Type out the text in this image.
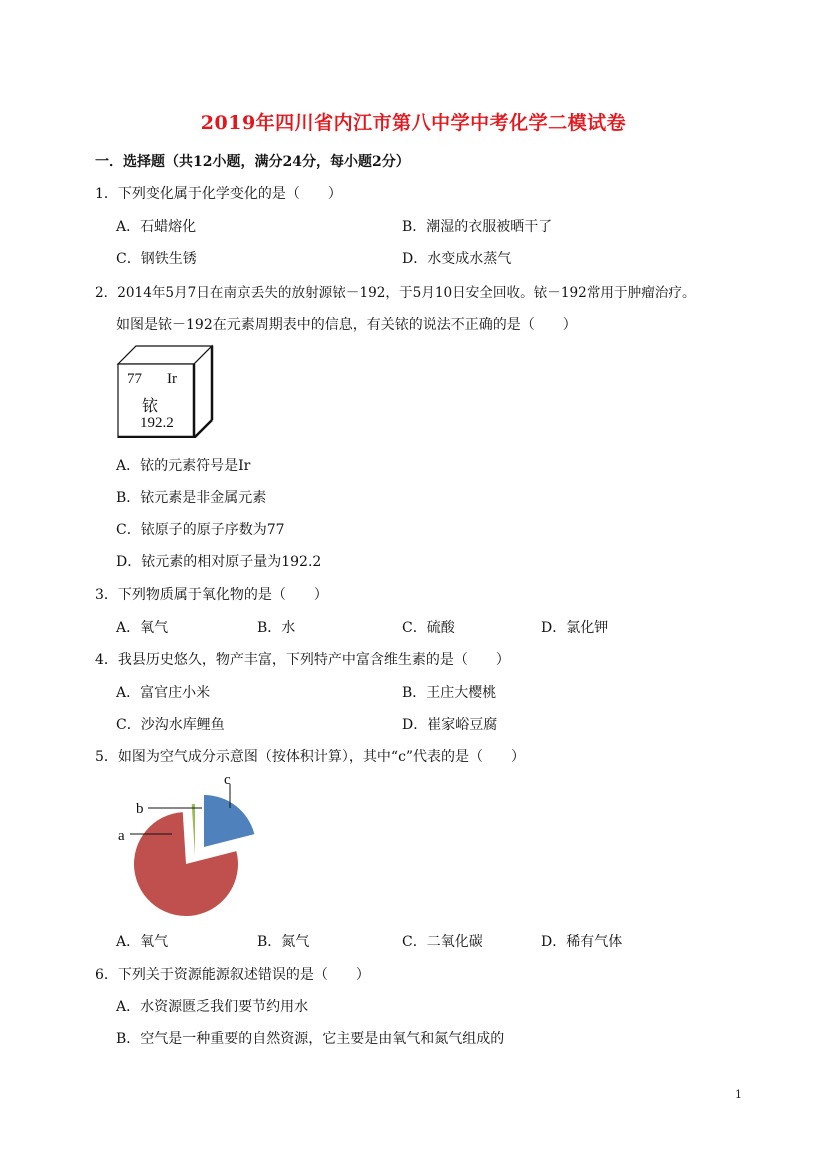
2019年四川省内江市第八中学中考化学二模试卷
一．选择题（共12小题，满分24分，每小题2分）
1．下列变化属于化学变化的是（　　）
A．石蜡熔化	B．潮湿的衣服被晒干了
C．钢铁生锈	D．水变成水蒸气
2．2014年5月7日在南京丢失的放射源铱－192，于5月10日安全回收。铱－192常用于肿瘤治疗。
如图是铱－192在元素周期表中的信息，有关铱的说法不正确的是（　　）
77 Ir
铱
192.2
A．铱的元素符号是Ir
B．铱元素是非金属元素
C．铱原子的原子序数为77
D．铱元素的相对原子量为192.2
3．下列物质属于氧化物的是（　　）
A．氧气	B．水	C．硫酸	D．氯化钾
4．我县历史悠久，物产丰富，下列特产中富含维生素的是（　　）
A．富官庄小米	B．王庄大樱桃
C．沙沟水库鲤鱼	D．崔家峪豆腐
5．如图为空气成分示意图（按体积计算），其中“c”代表的是（　　）
a
b
c
A．氧气	B．氮气	C．二氧化碳	D．稀有气体
6．下列关于资源能源叙述错误的是（　　）
A．水资源匮乏我们要节约用水
B．空气是一种重要的自然资源，它主要是由氧气和氮气组成的
1
